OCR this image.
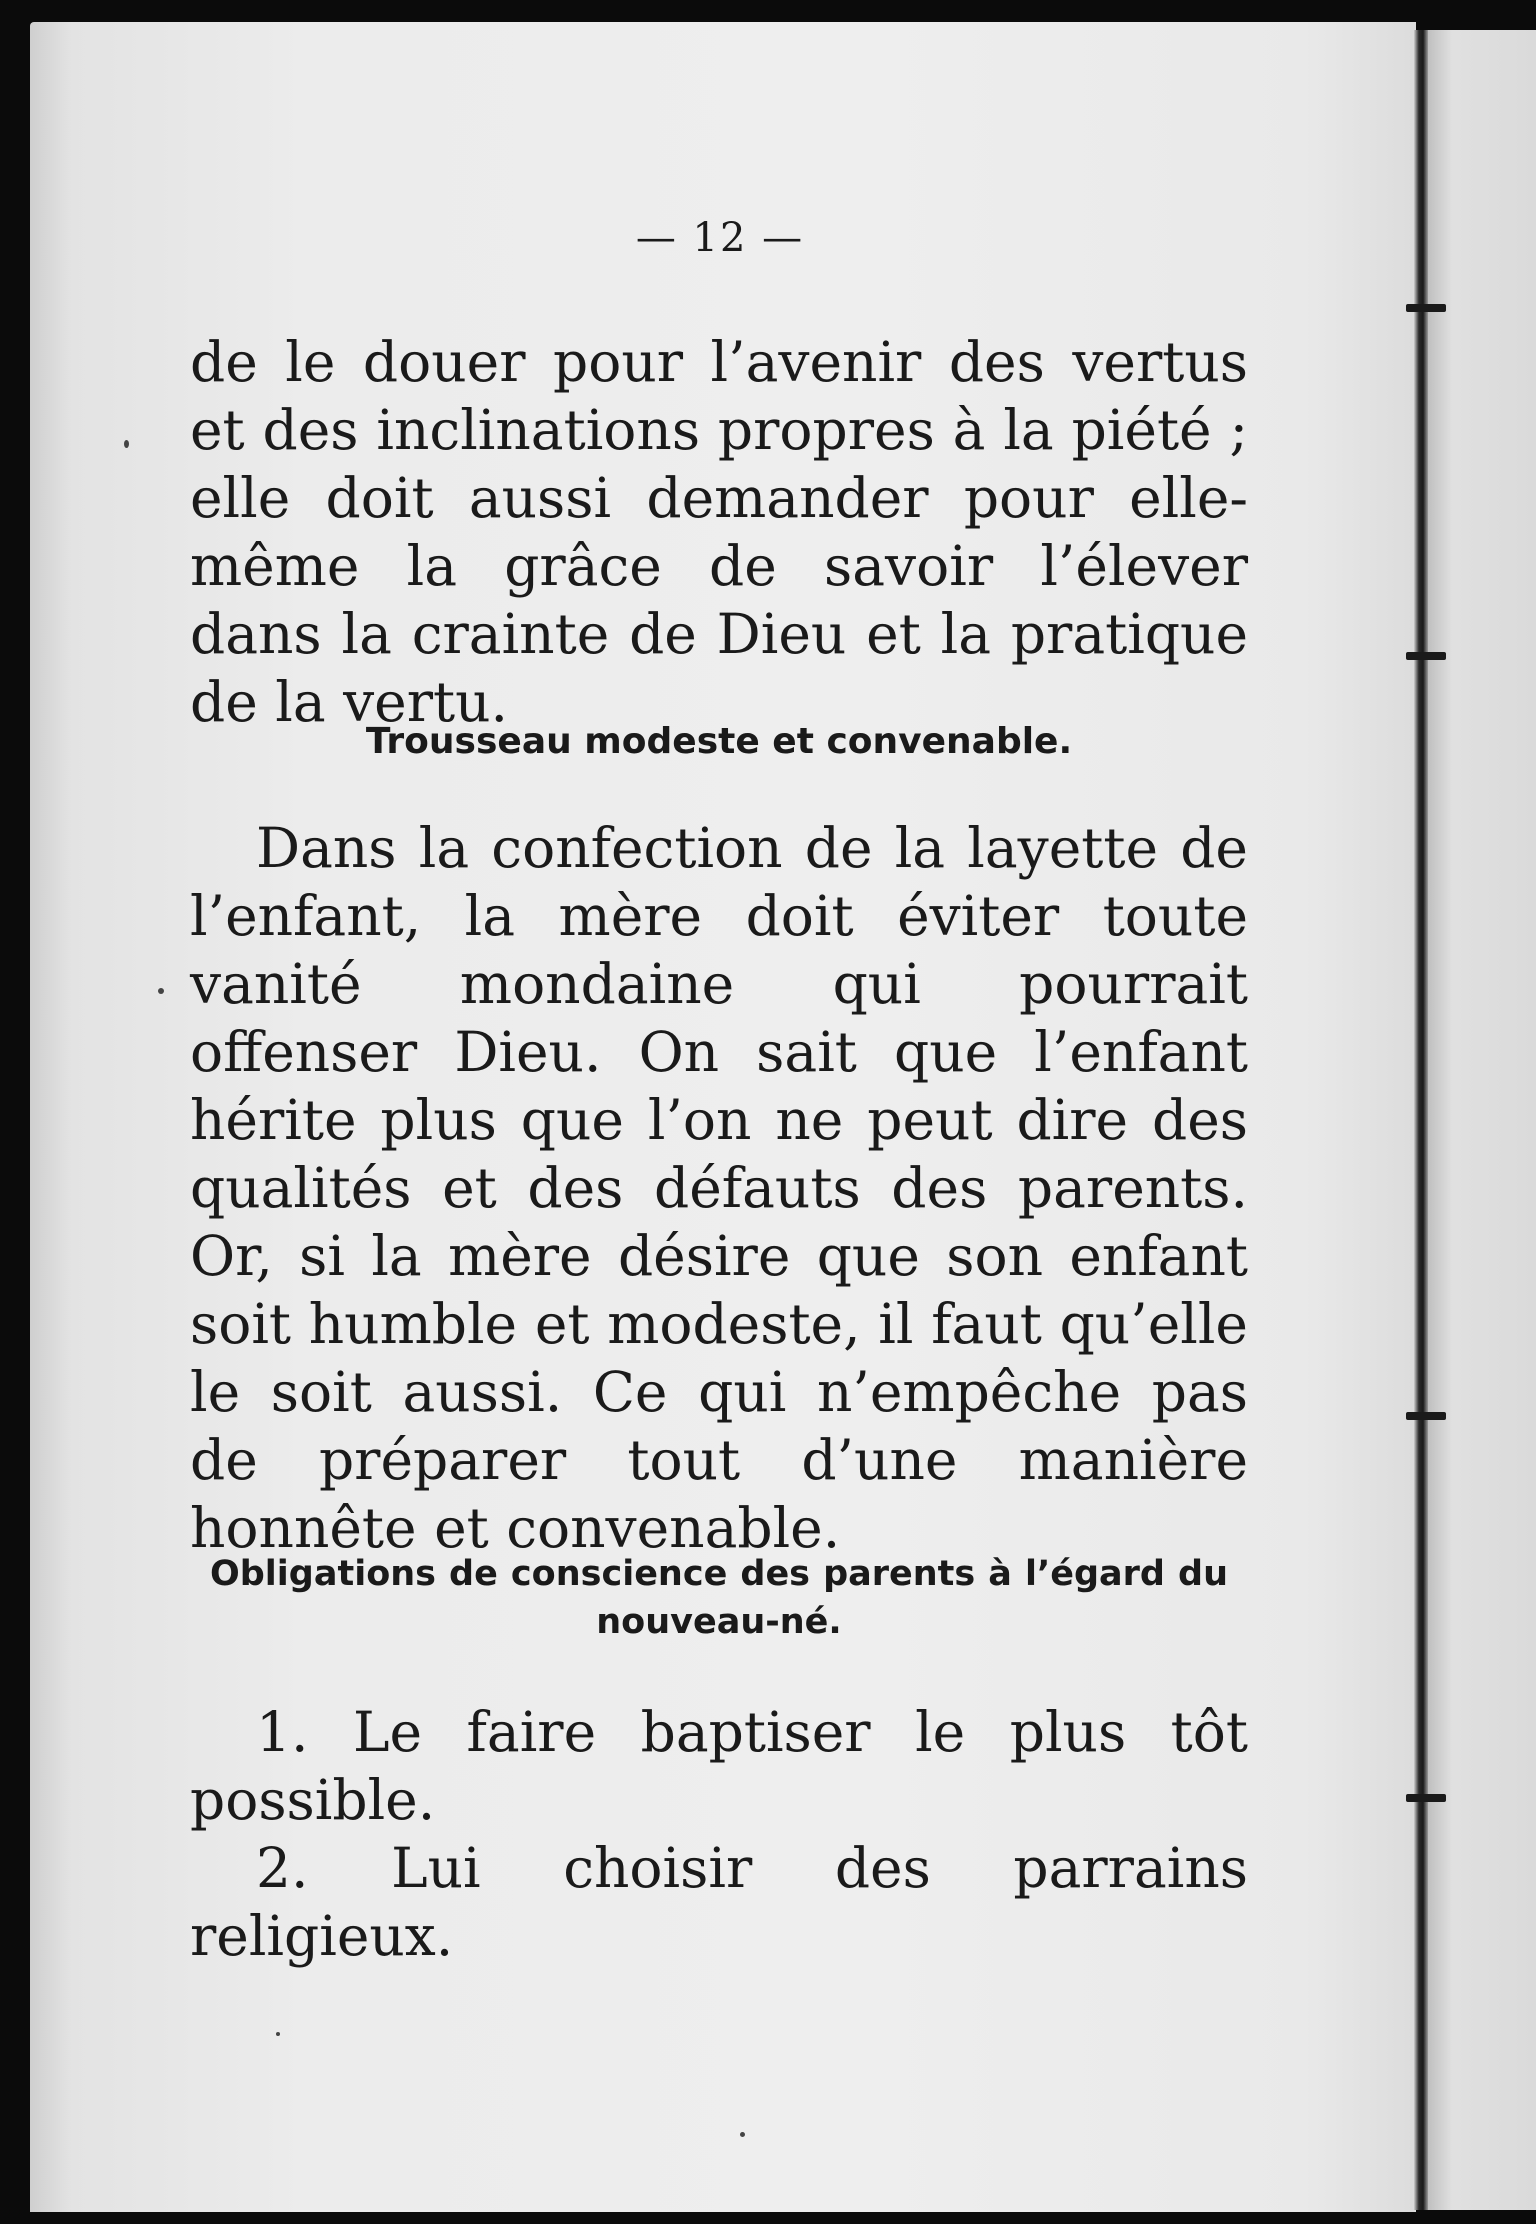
— 12 —

de le douer pour l’avenir des vertus et des inclinations propres à la piété ; elle doit aussi demander pour elle-même la grâce de savoir l’élever dans la crainte de Dieu et la pratique de la vertu.

Trousseau modeste et convenable.

Dans la confection de la layette de l’enfant, la mère doit éviter toute vanité mondaine qui pourrait offenser Dieu. On sait que l’enfant hérite plus que l’on ne peut dire des qualités et des défauts des parents. Or, si la mère désire que son enfant soit humble et modeste, il faut qu’elle le soit aussi. Ce qui n’empêche pas de préparer tout d’une manière honnête et convenable.

Obligations de conscience des parents à l’égard du nouveau-né.

1. Le faire baptiser le plus tôt possible.

2. Lui choisir des parrains religieux.
